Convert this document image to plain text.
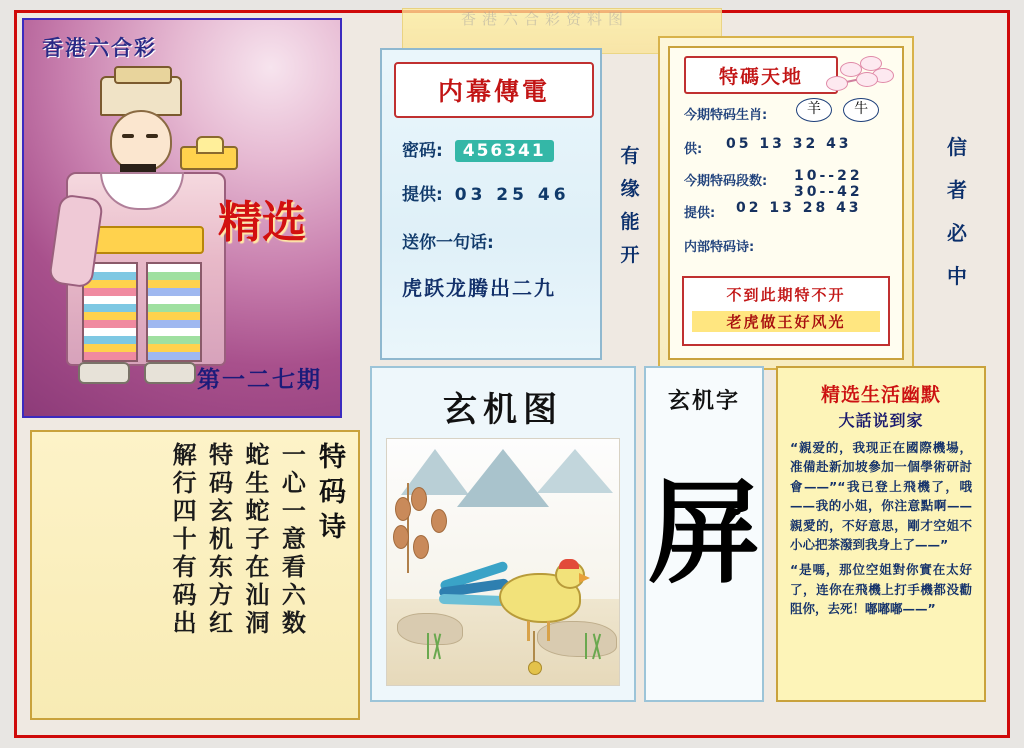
香港六合彩资料图
香港六合彩
精选
第一二七期
内幕傳電
密码: 456341
提供: 03 25 46
送你一句话:
虎跃龙腾出二九
有
缘
能
开
特碼天地
今期特码生肖:	羊 牛
供: 05 13 32 43
今期特码段数: 10--22 30--42
提供: 02 13 28 43
内部特码诗:
不到此期特不开
老虎做王好风光
信
者
必
中
特码诗
一心一意看六数
蛇生蛇子在汕洞
特码玄机东方红
解行四十有码出
玄机图	玄机字
屏
精选生活幽默
大話说到家

“親爱的，我现正在國際機場，准備赴新加坡參加一個學術研討會——”“我已登上飛機了，哦——我的小姐，你注意點啊——親愛的，不好意思，剛才空姐不小心把茶潑到我身上了——”

“是嗎，那位空姐對你實在太好了，连你在飛機上打手機都没勸阻你，去死！嘟嘟嘟——”
